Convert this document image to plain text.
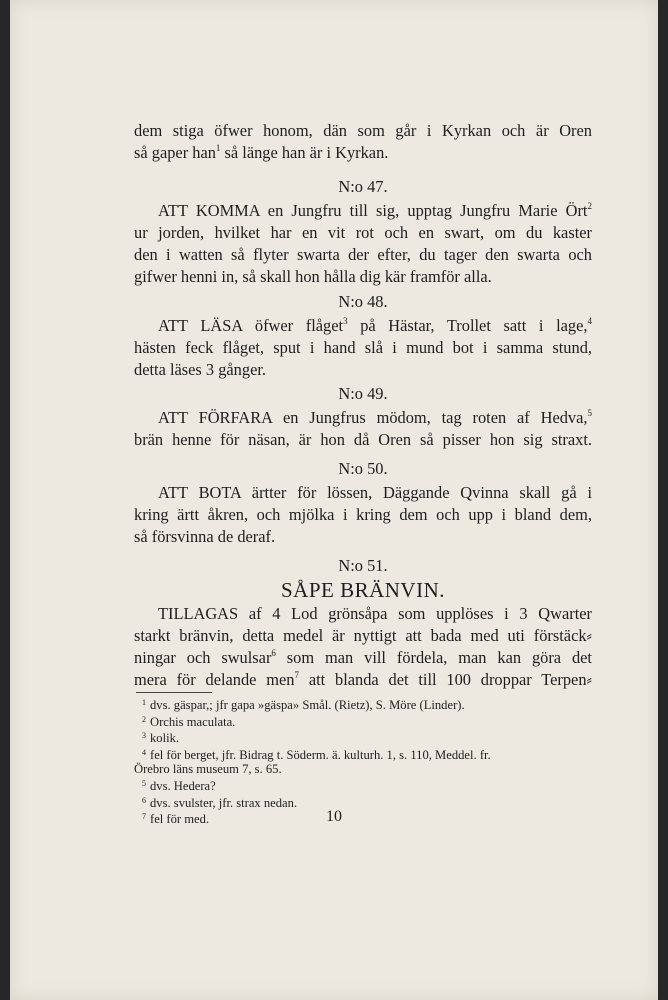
dem stiga öfwer honom, dän som går i Kyrkan och är Oren
så gaper han$^1$ så länge han är i Kyrkan.

N:o 47.

ATT KOMMA en Jungfru till sig, upptag Jungfru Marie Ört$^2$
ur jorden, hvilket har en vit rot och en swart, om du kaster
den i watten så flyter swarta der efter, du tager den swarta och
gifwer henni in, så skall hon hålla dig kär framför alla.

N:o 48.

ATT LÄSA öfwer flåget$^3$ på Hästar, Trollet satt i lage,$^4$
hästen feck flåget, sput i hand slå i mund bot i samma stund,
detta läses 3 gånger.

N:o 49.

ATT FÖRFARA en Jungfrus mödom, tag roten af Hedva,$^5$
brän henne för näsan, är hon då Oren så pisser hon sig straxt.

N:o 50.

ATT BOTA ärtter för lössen, Däggande Qvinna skall gå i
kring ärtt åkren, och mjölka i kring dem och upp i bland dem,
så försvinna de deraf.

N:o 51.

SÅPE BRÄNVIN.

TILLAGAS af 4 Lod grönsåpa som upplöses i 3 Qwarter
starkt bränvin, detta medel är nyttigt att bada med uti förstäck⸗
ningar och swulsar$^6$ som man vill fördela, man kan göra det
mera för delande men$^7$ att blanda det till 100 droppar Terpen⸗

$^1$ dvs. gäspar,; jfr gapa »gäspa» Smål. (Rietz), S. Möre (Linder).
$^2$ Orchis maculata.
$^3$ kolik.
$^4$ fel för berget, jfr. Bidrag t. Söderm. ä. kulturh. 1, s. 110, Meddel. fr.
Örebro läns museum 7, s. 65.
$^5$ dvs. Hedera?
$^6$ dvs. svulster, jfr. strax nedan.
$^7$ fel för med.	10
